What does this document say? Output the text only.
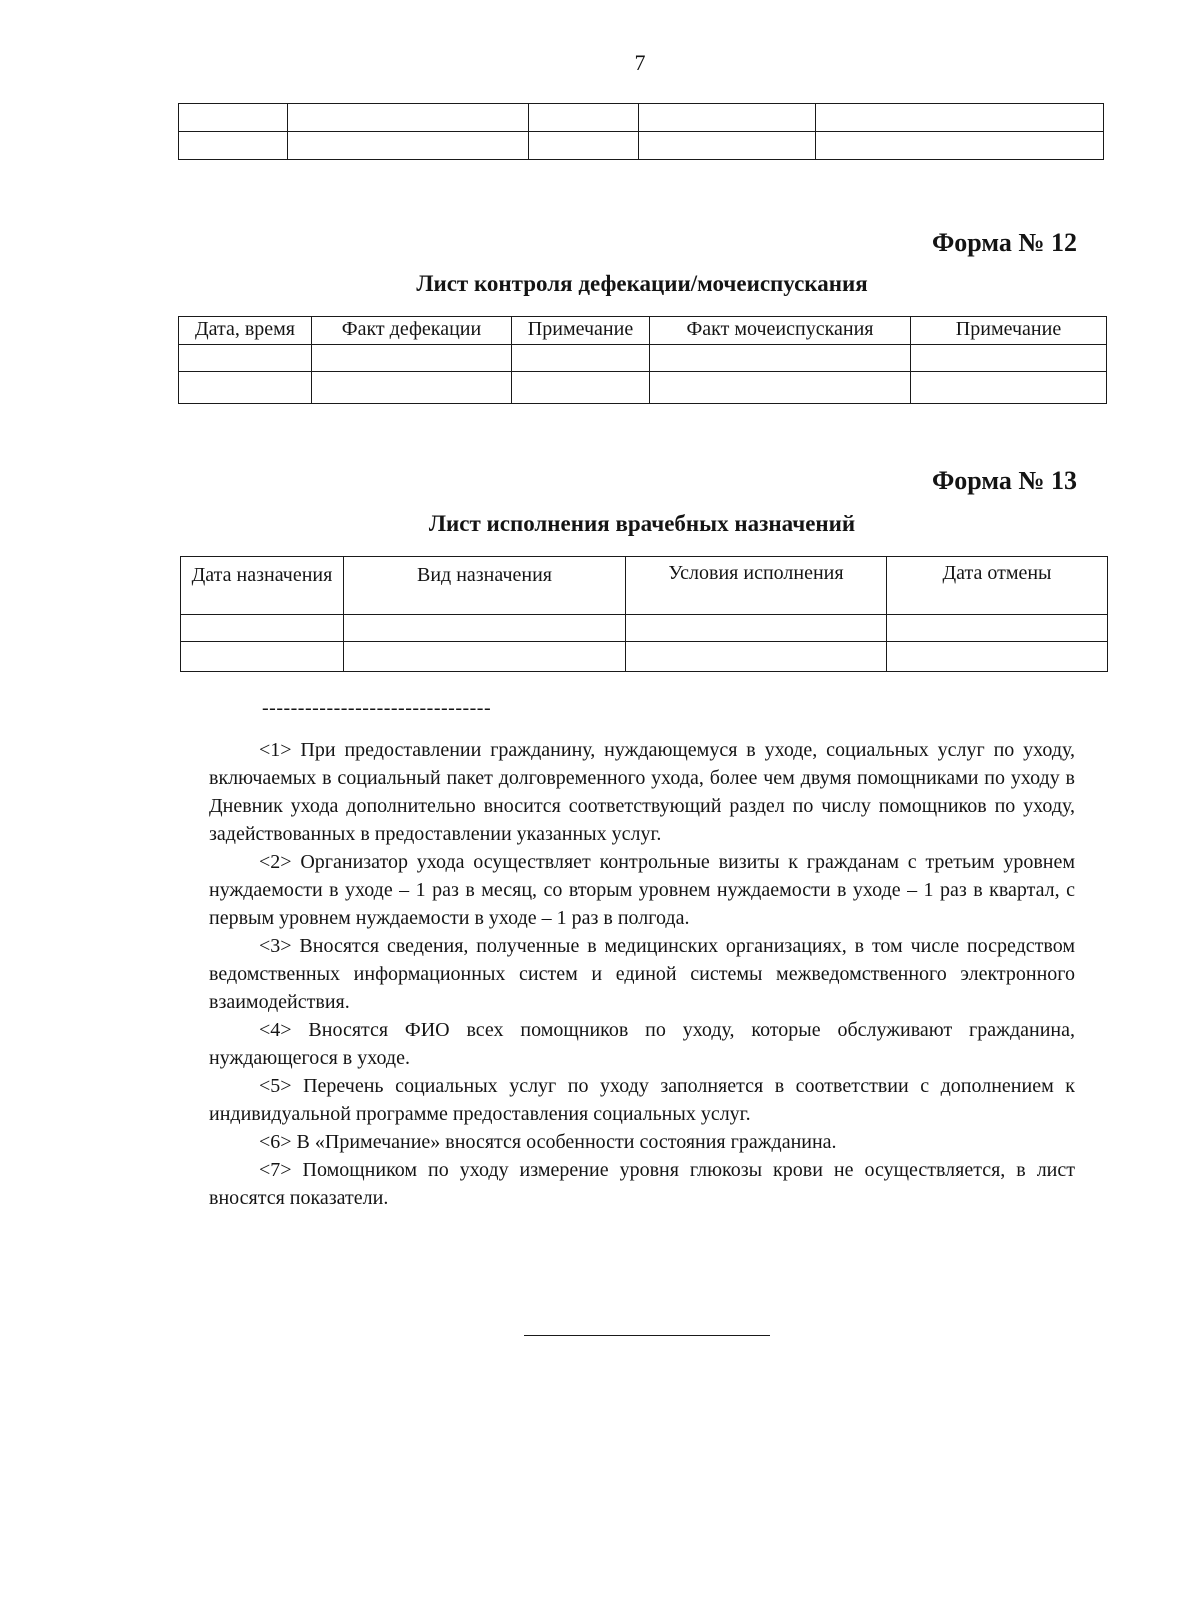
7

Форма № 12
Лист контроля дефекации/мочеиспускания
Дата, время	Факт дефекации	Примечание	Факт мочеиспускания	Примечание

Форма № 13
Лист исполнения врачебных назначений
Дата назначения	Вид назначения	Условия исполнения	Дата отмены

--------------------------------

<1> При предоставлении гражданину, нуждающемуся в уходе, социальных услуг по уходу, включаемых в социальный пакет долговременного ухода, более чем двумя помощниками по уходу в Дневник ухода дополнительно вносится соответствующий раздел по числу помощников по уходу, задействованных в предоставлении указанных услуг.

<2> Организатор ухода осуществляет контрольные визиты к гражданам с третьим уровнем нуждаемости в уходе – 1 раз в месяц, со вторым уровнем нуждаемости в уходе – 1 раз в квартал, с первым уровнем нуждаемости в уходе – 1 раз в полгода.

<3> Вносятся сведения, полученные в медицинских организациях, в том числе посредством ведомственных информационных систем и единой системы межведомственного электронного взаимодействия.

<4> Вносятся ФИО всех помощников по уходу, которые обслуживают гражданина, нуждающегося в уходе.

<5> Перечень социальных услуг по уходу заполняется в соответствии с дополнением к индивидуальной программе предоставления социальных услуг.

<6> В «Примечание» вносятся особенности состояния гражданина.

<7> Помощником по уходу измерение уровня глюкозы крови не осуществляется, в лист вносятся показатели.
